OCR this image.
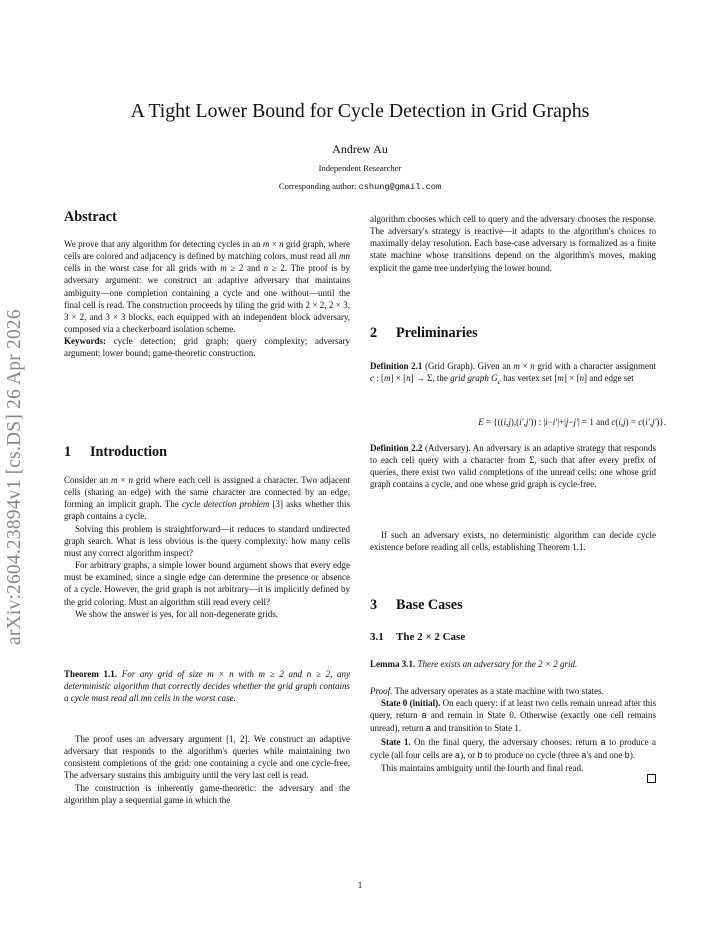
arXiv:2604.23894v1 [cs.DS] 26 Apr 2026
A Tight Lower Bound for Cycle Detection in Grid Graphs
Andrew Au
Independent Researcher
Corresponding author: cshung@gmail.com
Abstract

We prove that any algorithm for detecting cycles in an m × n grid graph, where cells are colored and adjacency is defined by matching colors, must read all mn cells in the worst case for all grids with m ≥ 2 and n ≥ 2. The proof is by adversary argument: we construct an adaptive adversary that maintains ambiguity—one completion containing a cycle and one without—until the final cell is read. The construction proceeds by tiling the grid with 2 × 2, 2 × 3, 3 × 2, and 3 × 3 blocks, each equipped with an independent block adversary, composed via a checkerboard isolation scheme.

Keywords: cycle detection; grid graph; query complexity; adversary argument; lower bound; game-theoretic construction.

1 Introduction

Consider an m × n grid where each cell is assigned a character. Two adjacent cells (sharing an edge) with the same character are connected by an edge, forming an implicit graph. The cycle detection problem [3] asks whether this graph contains a cycle.

Solving this problem is straightforward—it reduces to standard undirected graph search. What is less obvious is the query complexity: how many cells must any correct algorithm inspect?

For arbitrary graphs, a simple lower bound argument shows that every edge must be examined, since a single edge can determine the presence or absence of a cycle. However, the grid graph is not arbitrary—it is implicitly defined by the grid coloring. Must an algorithm still read every cell?

We show the answer is yes, for all non-degenerate grids.

Theorem 1.1. For any grid of size m × n with m ≥ 2 and n ≥ 2, any deterministic algorithm that correctly decides whether the grid graph contains a cycle must read all mn cells in the worst case.

The proof uses an adversary argument [1, 2]. We construct an adaptive adversary that responds to the algorithm's queries while maintaining two consistent completions of the grid: one containing a cycle and one cycle-free. The adversary sustains this ambiguity until the very last cell is read.

The construction is inherently game-theoretic: the adversary and the algorithm play a sequential game in which the

algorithm chooses which cell to query and the adversary chooses the response. The adversary's strategy is reactive—it adapts to the algorithm's choices to maximally delay resolution. Each base-case adversary is formalized as a finite state machine whose transitions depend on the algorithm's moves, making explicit the game tree underlying the lower bound.

2 Preliminaries

Definition 2.1 (Grid Graph). Given an m × n grid with a character assignment c : [m] × [n] → Σ, the grid graph $G_c$ has vertex set [m] × [n] and edge set

E = {((i,j),(i′,j′)) : |i−i′|+|j−j′| = 1 and c(i,j) = c(i′,j′)}.

Definition 2.2 (Adversary). An adversary is an adaptive strategy that responds to each cell query with a character from Σ, such that after every prefix of queries, there exist two valid completions of the unread cells: one whose grid graph contains a cycle, and one whose grid graph is cycle-free.

If such an adversary exists, no deterministic algorithm can decide cycle existence before reading all cells, establishing Theorem 1.1.

3 Base Cases
3.1 The 2 × 2 Case

Lemma 3.1. There exists an adversary for the 2 × 2 grid.

Proof. The adversary operates as a state machine with two states.

State 0 (initial). On each query: if at least two cells remain unread after this query, return a and remain in State 0. Otherwise (exactly one cell remains unread), return a and transition to State 1.

State 1. On the final query, the adversary chooses: return a to produce a cycle (all four cells are a), or b to produce no cycle (three a's and one b).

This maintains ambiguity until the fourth and final read.

1
